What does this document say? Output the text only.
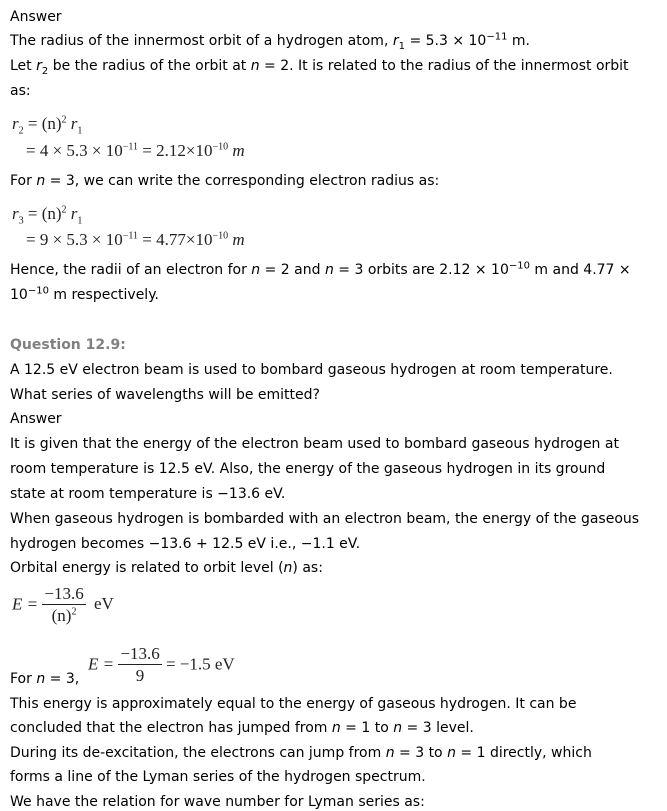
Answer
The radius of the innermost orbit of a hydrogen atom, $r_1 = 5.3 \times 10^{-11}$ m.
Let $r_2$ be the radius of the orbit at n = 2. It is related to the radius of the innermost orbit
as:
$r_2 = (n)^2$ $r_1$
= $4 \times 5.3 \times 10^{-11} = 2.12\times 10^{-10}$ m
For n = 3, we can write the corresponding electron radius as:
$r_3 = (n)^2$ $r_1$
= $9 \times 5.3 \times 10^{-11} = 4.77\times 10^{-10}$ m
Hence, the radii of an electron for n = 2 and n = 3 orbits are $2.12 \times 10^{-10}$ m and 4.77 ×
$10^{-10}$ m respectively.
Question 12.9:
A 12.5 eV electron beam is used to bombard gaseous hydrogen at room temperature.
What series of wavelengths will be emitted?
Answer
It is given that the energy of the electron beam used to bombard gaseous hydrogen at
room temperature is 12.5 eV. Also, the energy of the gaseous hydrogen in its ground
state at room temperature is −13.6 eV.
When gaseous hydrogen is bombarded with an electron beam, the energy of the gaseous
hydrogen becomes −13.6 + 12.5 eV i.e., −1.1 eV.
Orbital energy is related to orbit level (n) as:
$E = \frac{-13.6}{(n)^2}$ eV
$E = \frac{-13.6}{9} = -1.5$ eV
For n = 3,
This energy is approximately equal to the energy of gaseous hydrogen. It can be
concluded that the electron has jumped from n = 1 to n = 3 level.
During its de-excitation, the electrons can jump from n = 3 to n = 1 directly, which
forms a line of the Lyman series of the hydrogen spectrum.
We have the relation for wave number for Lyman series as:
